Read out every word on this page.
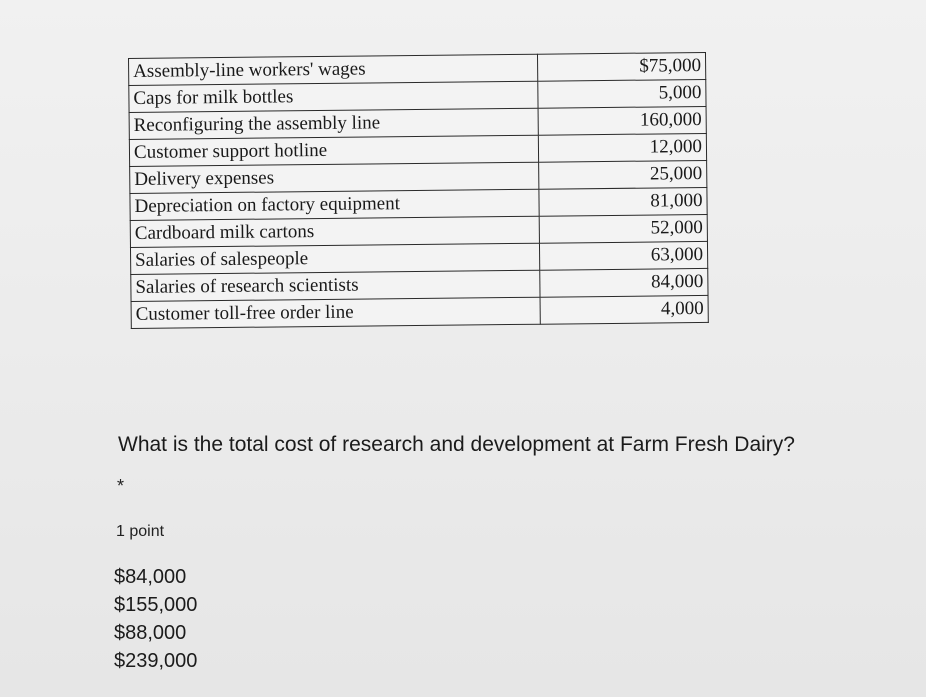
Assembly-line workers' wages	$75,000
Caps for milk bottles	5,000
Reconfiguring the assembly line	160,000
Customer support hotline	12,000
Delivery expenses	25,000
Depreciation on factory equipment	81,000
Cardboard milk cartons	52,000
Salaries of salespeople	63,000
Salaries of research scientists	84,000
Customer toll-free order line	4,000
What is the total cost of research and development at Farm Fresh Dairy?
*
1 point
$84,000
$155,000
$88,000
$239,000
